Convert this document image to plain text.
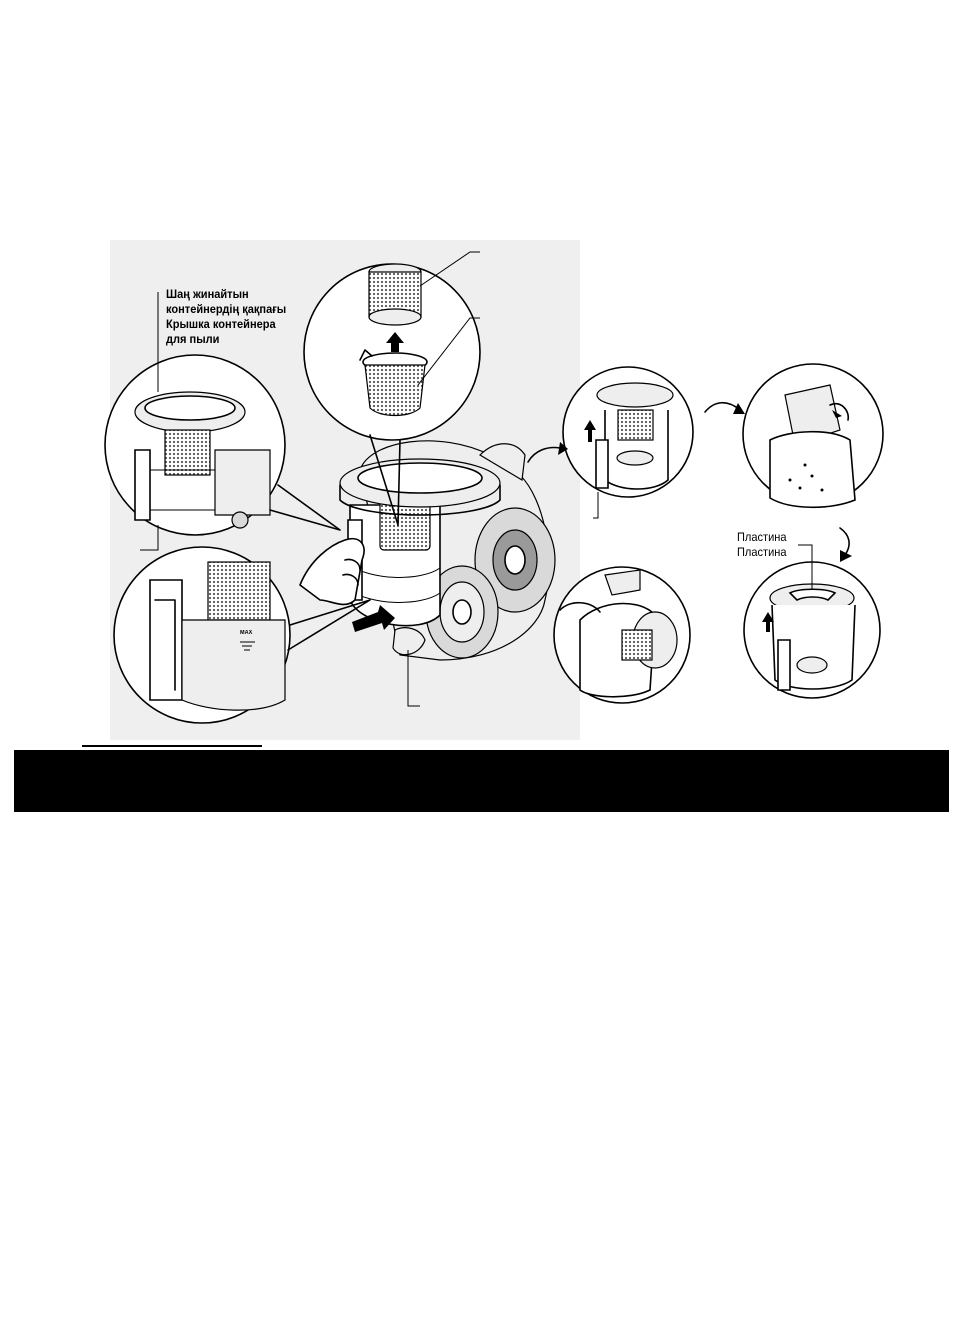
Шаң жинайтын
контейнердің қақпағы
Крышка контейнера
для пыли
Пластина
Пластина
MAX
